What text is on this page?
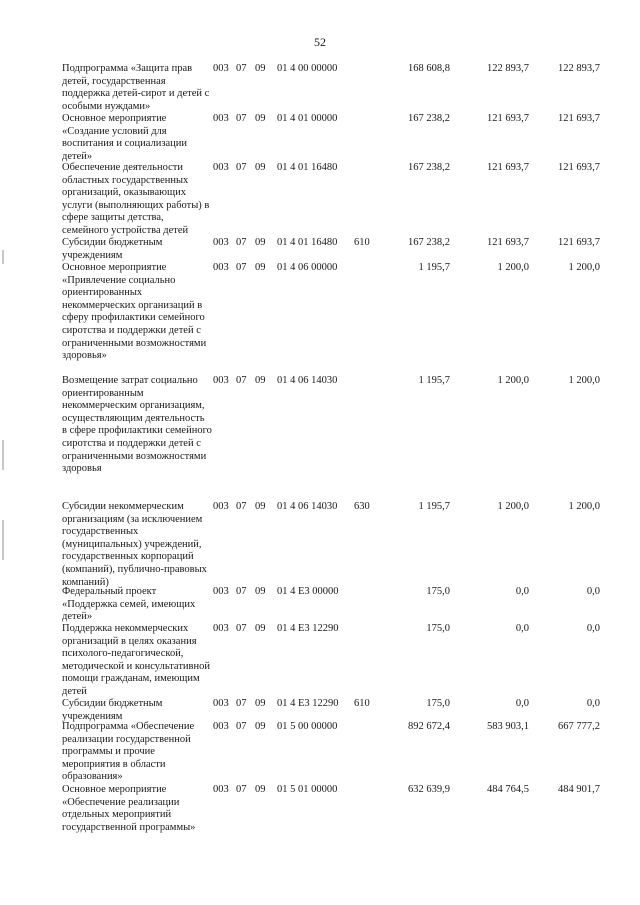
52
Подпрограмма «Защита прав детей, государственная поддержка детей-сирот и детей с особыми нуждами»
003 07 09 01 4 00 00000	168 608,8	122 893,7	122 893,7
Основное мероприятие «Создание условий для воспитания и социализации детей»
003 07 09 01 4 01 00000	167 238,2	121 693,7	121 693,7
Обеспечение деятельности областных государственных организаций, оказывающих услуги (выполняющих работы) в сфере защиты детства, семейного устройства детей
003 07 09 01 4 01 16480	167 238,2	121 693,7	121 693,7
Субсидии бюджетным учреждениям
003 07 09 01 4 01 16480 610	167 238,2	121 693,7	121 693,7
Основное мероприятие «Привлечение социально ориентированных некоммерческих организаций в сферу профилактики семейного сиротства и поддержки детей с ограниченными возможностями здоровья»
003 07 09 01 4 06 00000	1 195,7	1 200,0	1 200,0
Возмещение затрат социально ориентированным некоммерческим организациям, осуществляющим деятельность в сфере профилактики семейного сиротства и поддержки детей с ограниченными возможностями здоровья
003 07 09 01 4 06 14030	1 195,7	1 200,0	1 200,0
Субсидии некоммерческим организациям (за исключением государственных (муниципальных) учреждений, государственных корпораций (компаний), публично-правовых компаний)
003 07 09 01 4 06 14030 630	1 195,7	1 200,0	1 200,0
Федеральный проект «Поддержка семей, имеющих детей»
003 07 09 01 4 E3 00000	175,0	0,0	0,0
Поддержка некоммерческих организаций в целях оказания психолого-педагогической, методической и консультативной помощи гражданам, имеющим детей
003 07 09 01 4 E3 12290	175,0	0,0	0,0
Субсидии бюджетным учреждениям
003 07 09 01 4 E3 12290 610	175,0	0,0	0,0
Подпрограмма «Обеспечение реализации государственной программы и прочие мероприятия в области образования»
003 07 09 01 5 00 00000	892 672,4	583 903,1	667 777,2
Основное мероприятие «Обеспечение реализации отдельных мероприятий государственной программы»
003 07 09 01 5 01 00000	632 639,9	484 764,5	484 901,7
